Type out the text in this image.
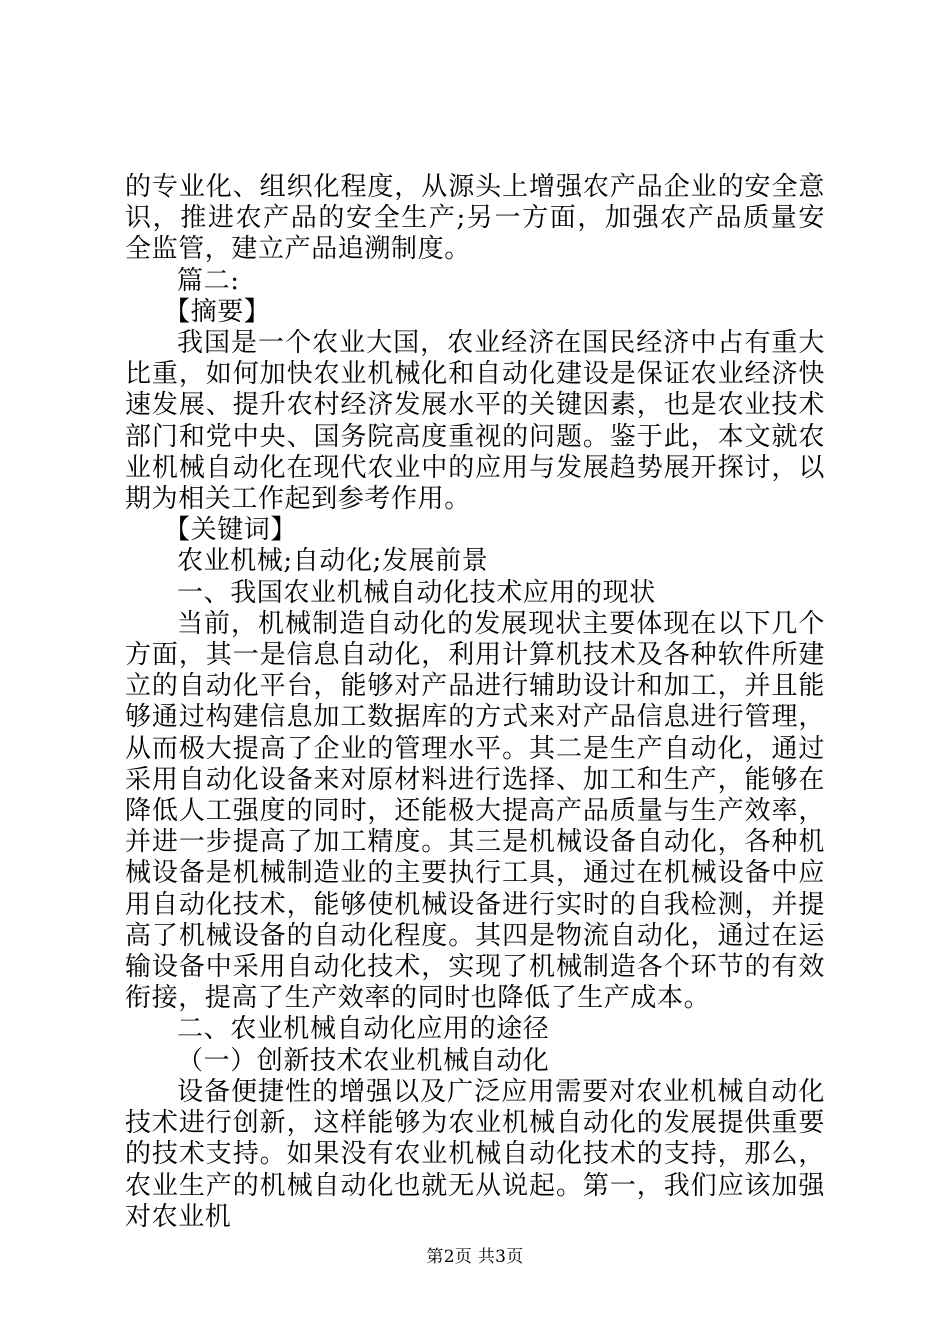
的专业化、组织化程度，从源头上增强农产品企业的安全意识，推进农产品的安全生产;另一方面，加强农产品质量安全监管，建立产品追溯制度。

篇二:

【摘要】

我国是一个农业大国，农业经济在国民经济中占有重大比重，如何加快农业机械化和自动化建设是保证农业经济快速发展、提升农村经济发展水平的关键因素，也是农业技术部门和党中央、国务院高度重视的问题。鉴于此，本文就农业机械自动化在现代农业中的应用与发展趋势展开探讨，以期为相关工作起到参考作用。

【关键词】

农业机械;自动化;发展前景

一、我国农业机械自动化技术应用的现状

当前，机械制造自动化的发展现状主要体现在以下几个方面，其一是信息自动化，利用计算机技术及各种软件所建立的自动化平台，能够对产品进行辅助设计和加工，并且能够通过构建信息加工数据库的方式来对产品信息进行管理，从而极大提高了企业的管理水平。其二是生产自动化，通过采用自动化设备来对原材料进行选择、加工和生产，能够在降低人工强度的同时，还能极大提高产品质量与生产效率，并进一步提高了加工精度。其三是机械设备自动化，各种机械设备是机械制造业的主要执行工具，通过在机械设备中应用自动化技术，能够使机械设备进行实时的自我检测，并提高了机械设备的自动化程度。其四是物流自动化，通过在运输设备中采用自动化技术，实现了机械制造各个环节的有效衔接，提高了生产效率的同时也降低了生产成本。

二、农业机械自动化应用的途径

（一）创新技术农业机械自动化

设备便捷性的增强以及广泛应用需要对农业机械自动化技术进行创新，这样能够为农业机械自动化的发展提供重要的技术支持。如果没有农业机械自动化技术的支持，那么，农业生产的机械自动化也就无从说起。第一，我们应该加强对农业机

第2页 共3页
